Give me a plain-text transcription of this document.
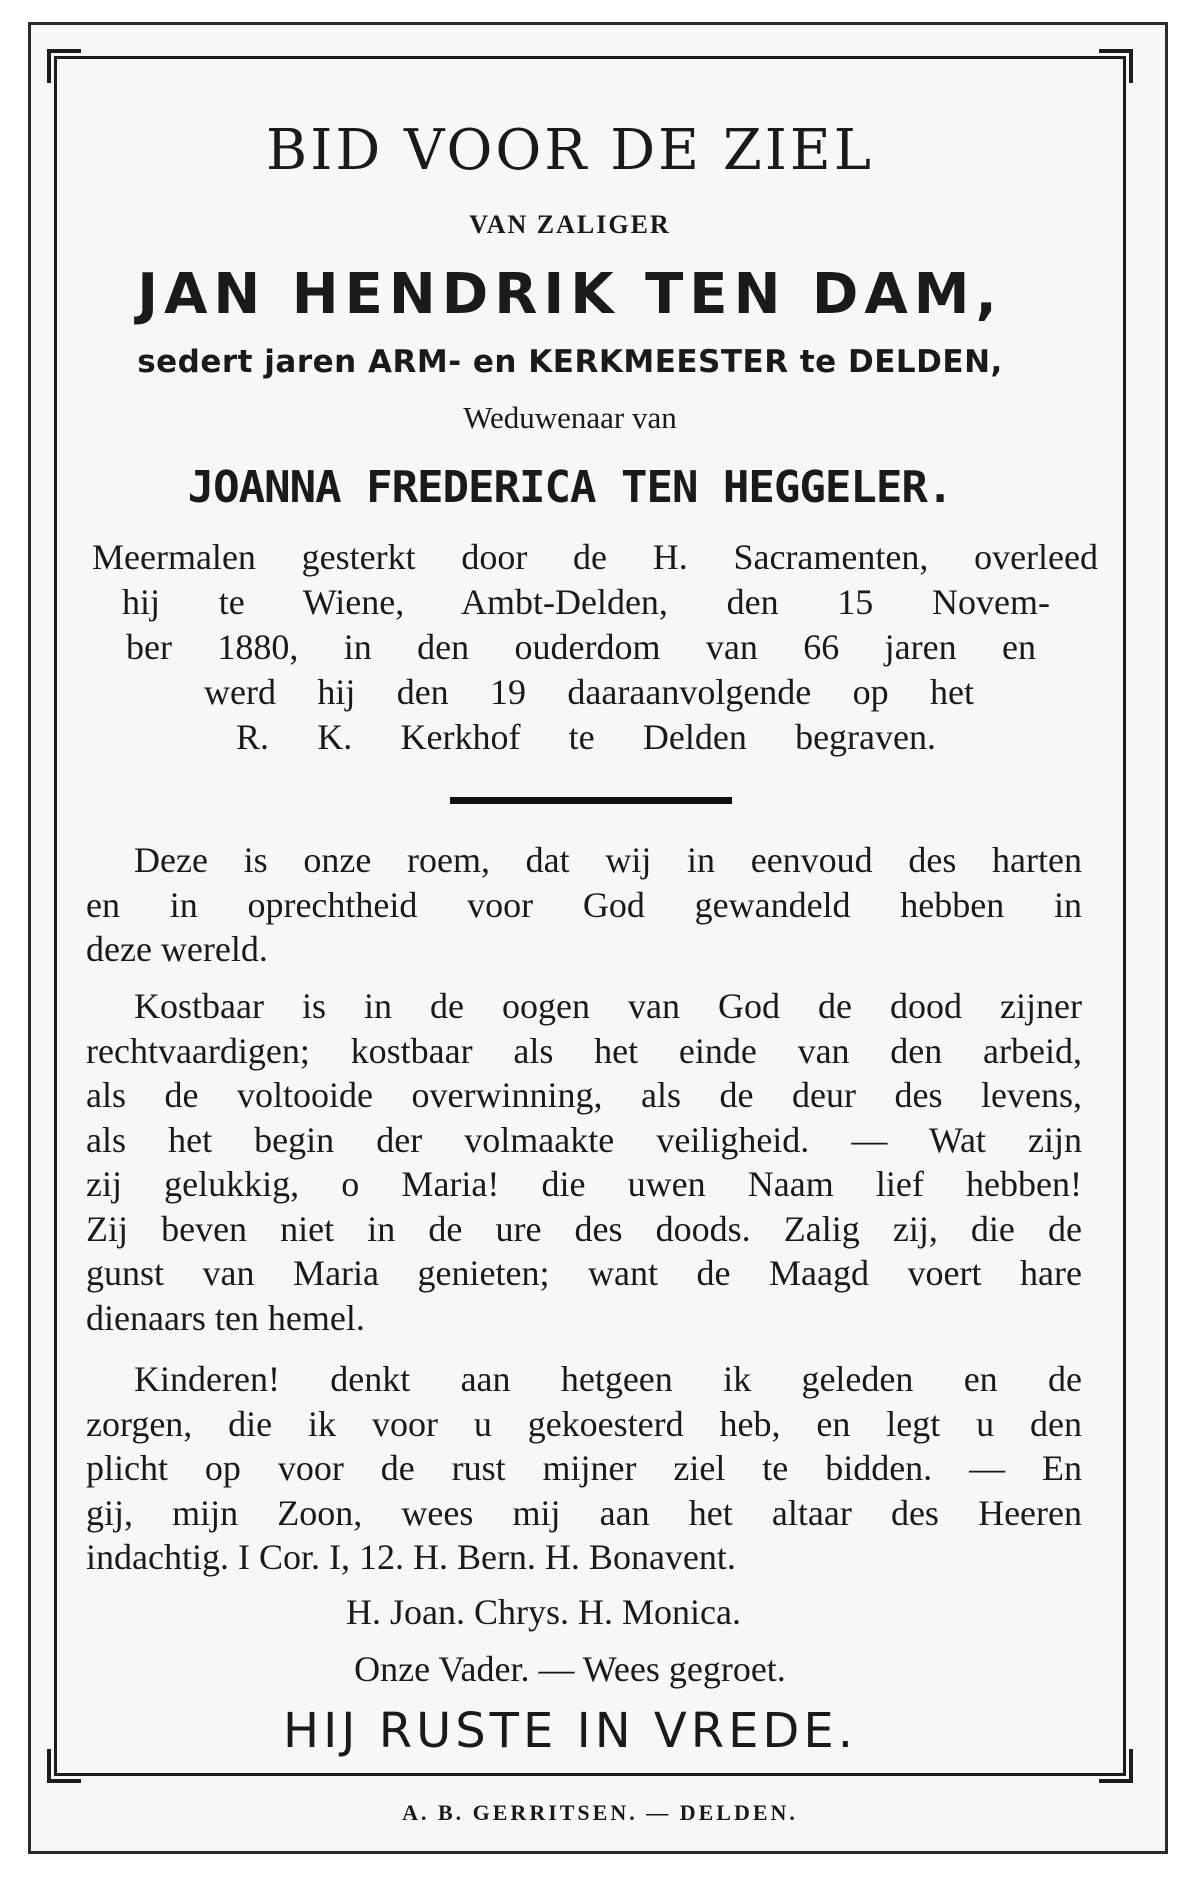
BID VOOR DE ZIEL
VAN ZALIGER
JAN HENDRIK TEN DAM,
sedert jaren ARM- en KERKMEESTER te DELDEN,
Weduwenaar van
JOANNA FREDERICA TEN HEGGELER.
Meermalen gesterkt door de H. Sacramenten, overleed
hij te Wiene, Ambt-Delden, den 15 Novem-
ber 1880, in den ouderdom van 66 jaren en
werd hij den 19 daaraanvolgende op het
R. K. Kerkhof te Delden begraven.
Deze is onze roem, dat wij in eenvoud des harten
en in oprechtheid voor God gewandeld hebben in
deze wereld.
Kostbaar is in de oogen van God de dood zijner
rechtvaardigen; kostbaar als het einde van den arbeid,
als de voltooide overwinning, als de deur des levens,
als het begin der volmaakte veiligheid. — Wat zijn
zij gelukkig, o Maria! die uwen Naam lief hebben!
Zij beven niet in de ure des doods. Zalig zij, die de
gunst van Maria genieten; want de Maagd voert hare
dienaars ten hemel.
Kinderen! denkt aan hetgeen ik geleden en de
zorgen, die ik voor u gekoesterd heb, en legt u den
plicht op voor de rust mijner ziel te bidden. — En
gij, mijn Zoon, wees mij aan het altaar des Heeren
indachtig. I Cor. I, 12. H. Bern. H. Bonavent.
H. Joan. Chrys. H. Monica.
Onze Vader. — Wees gegroet.
HIJ RUSTE IN VREDE.
A. B. GERRITSEN. — DELDEN.
